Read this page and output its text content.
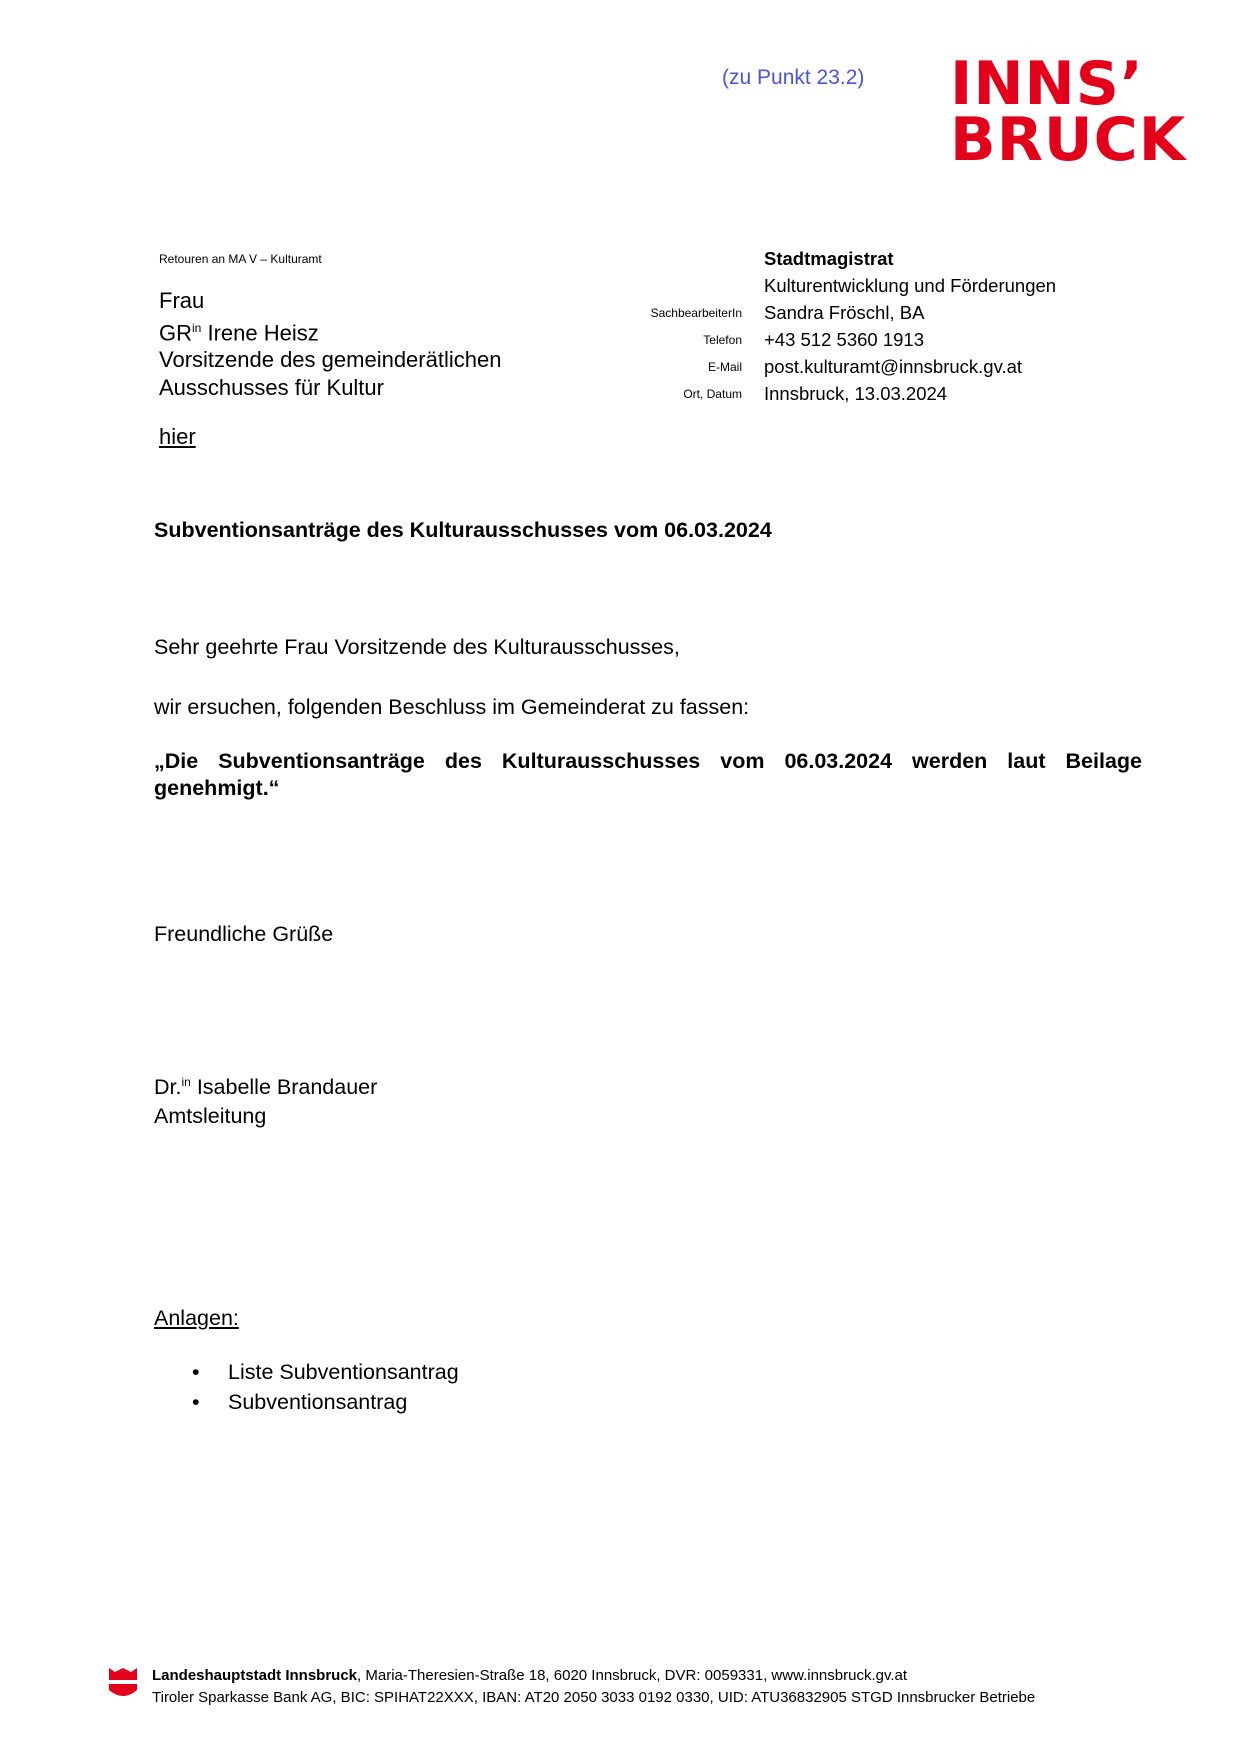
(zu Punkt 23.2) INNS’
BRUCK
Retouren an MA V – Kulturamt
Frau
$GR^{in}$ Irene Heisz
Vorsitzende des gemeinderätlichen
Ausschusses für Kultur
hier
Stadtmagistrat
Kulturentwicklung und Förderungen
SachbearbeiterIn	Sandra Fröschl, BA
Telefon	+43 512 5360 1913
E-Mail	post.kulturamt@innsbruck.gv.at
Ort, Datum	Innsbruck, 13.03.2024
Subventionsanträge des Kulturausschusses vom 06.03.2024
Sehr geehrte Frau Vorsitzende des Kulturausschusses,
wir ersuchen, folgenden Beschluss im Gemeinderat zu fassen:
„Die Subventionsanträge des Kulturausschusses vom 06.03.2024 werden laut Beilage genehmigt.“
Freundliche Grüße
Dr.$^{in}$ Isabelle Brandauer
Amtsleitung
Anlagen:
• Liste Subventionsantrag
• Subventionsantrag
Landeshauptstadt Innsbruck, Maria-Theresien-Straße 18, 6020 Innsbruck, DVR: 0059331, www.innsbruck.gv.at
Tiroler Sparkasse Bank AG, BIC: SPIHAT22XXX, IBAN: AT20 2050 3033 0192 0330, UID: ATU36832905 STGD Innsbrucker Betriebe
